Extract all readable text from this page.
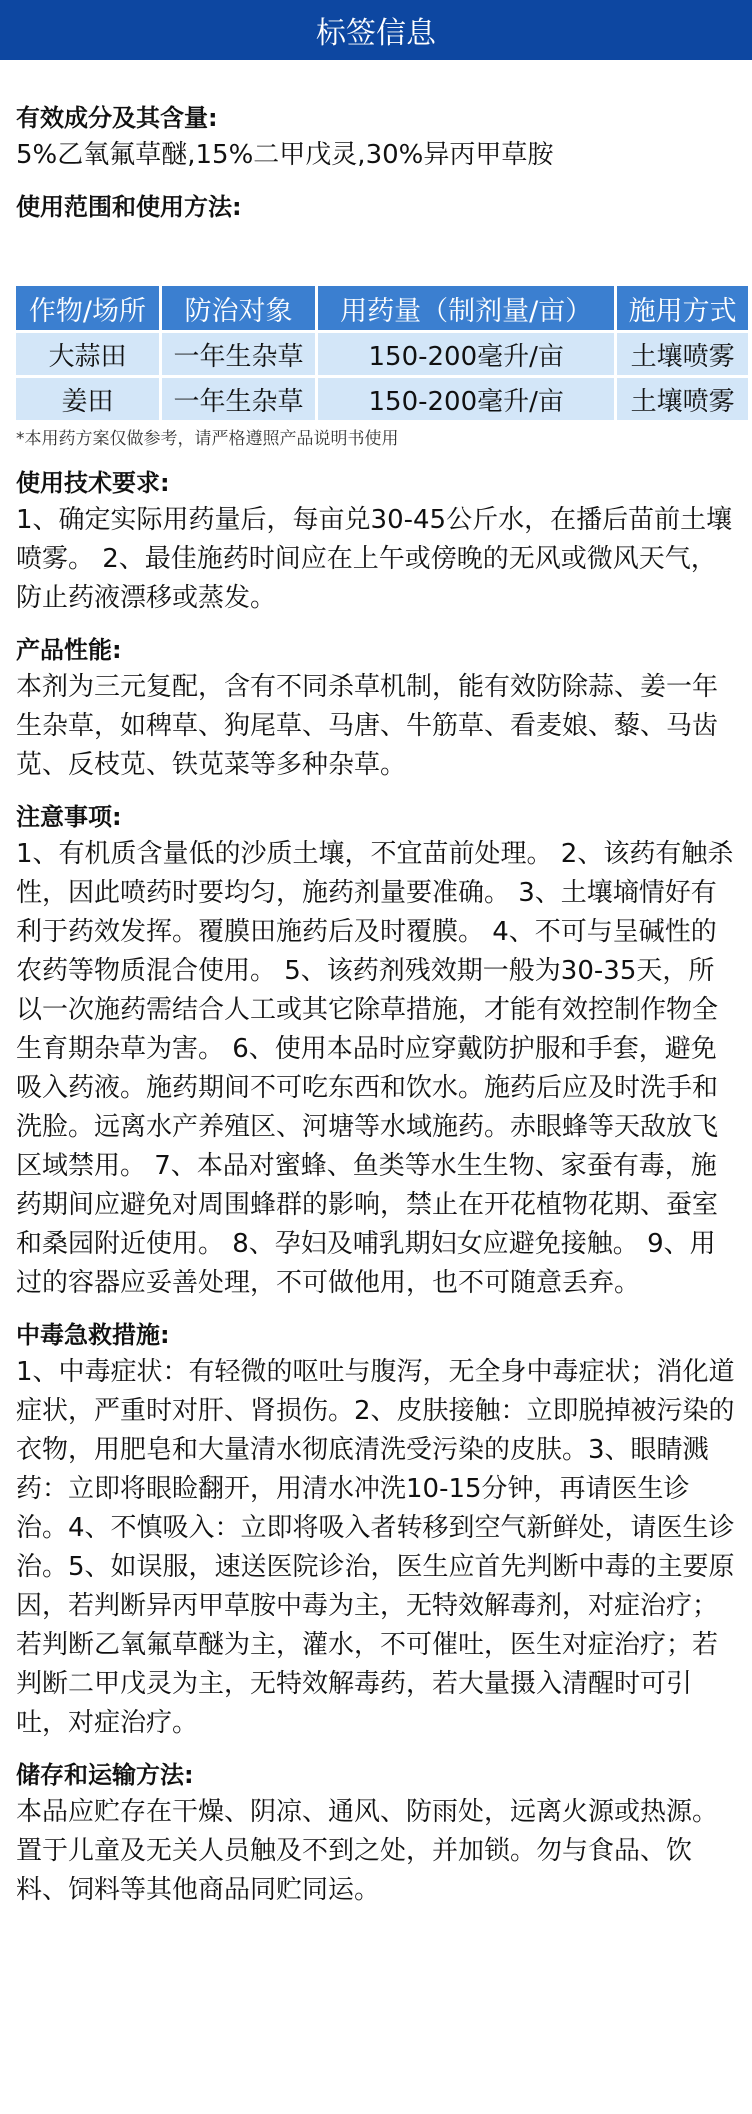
标签信息
有效成分及其含量:
5%乙氧氟草醚,15%二甲戊灵,30%异丙甲草胺
使用范围和使用方法:
作物/场所	防治对象	用药量（制剂量/亩）	施用方式
大蒜田	一年生杂草	150-200毫升/亩	土壤喷雾
姜田	一年生杂草	150-200毫升/亩	土壤喷雾
*本用药方案仅做参考，请严格遵照产品说明书使用
使用技术要求:
1、确定实际用药量后，每亩兑30-45公斤水，在播后苗前土壤喷雾。 2、最佳施药时间应在上午或傍晚的无风或微风天气，防止药液漂移或蒸发。
产品性能:
本剂为三元复配，含有不同杀草机制，能有效防除蒜、姜一年生杂草，如稗草、狗尾草、马唐、牛筋草、看麦娘、藜、马齿苋、反枝苋、铁苋菜等多种杂草。
注意事项:
1、有机质含量低的沙质土壤，不宜苗前处理。 2、该药有触杀性，因此喷药时要均匀，施药剂量要准确。 3、土壤墒情好有利于药效发挥。覆膜田施药后及时覆膜。 4、不可与呈碱性的农药等物质混合使用。 5、该药剂残效期一般为30-35天，所以一次施药需结合人工或其它除草措施，才能有效控制作物全生育期杂草为害。 6、使用本品时应穿戴防护服和手套，避免吸入药液。施药期间不可吃东西和饮水。施药后应及时洗手和洗脸。远离水产养殖区、河塘等水域施药。赤眼蜂等天敌放飞区域禁用。 7、本品对蜜蜂、鱼类等水生生物、家蚕有毒，施药期间应避免对周围蜂群的影响，禁止在开花植物花期、蚕室和桑园附近使用。 8、孕妇及哺乳期妇女应避免接触。 9、用过的容器应妥善处理，不可做他用，也不可随意丢弃。
中毒急救措施:
1、中毒症状：有轻微的呕吐与腹泻，无全身中毒症状；消化道症状，严重时对肝、肾损伤。2、皮肤接触：立即脱掉被污染的衣物，用肥皂和大量清水彻底清洗受污染的皮肤。3、眼睛溅药：立即将眼睑翻开，用清水冲洗10-15分钟，再请医生诊治。4、不慎吸入：立即将吸入者转移到空气新鲜处，请医生诊治。5、如误服，速送医院诊治，医生应首先判断中毒的主要原因，若判断异丙甲草胺中毒为主，无特效解毒剂，对症治疗；若判断乙氧氟草醚为主，灌水，不可催吐，医生对症治疗；若判断二甲戊灵为主，无特效解毒药，若大量摄入清醒时可引吐，对症治疗。
储存和运输方法:
本品应贮存在干燥、阴凉、通风、防雨处，远离火源或热源。置于儿童及无关人员触及不到之处，并加锁。勿与食品、饮料、饲料等其他商品同贮同运。
